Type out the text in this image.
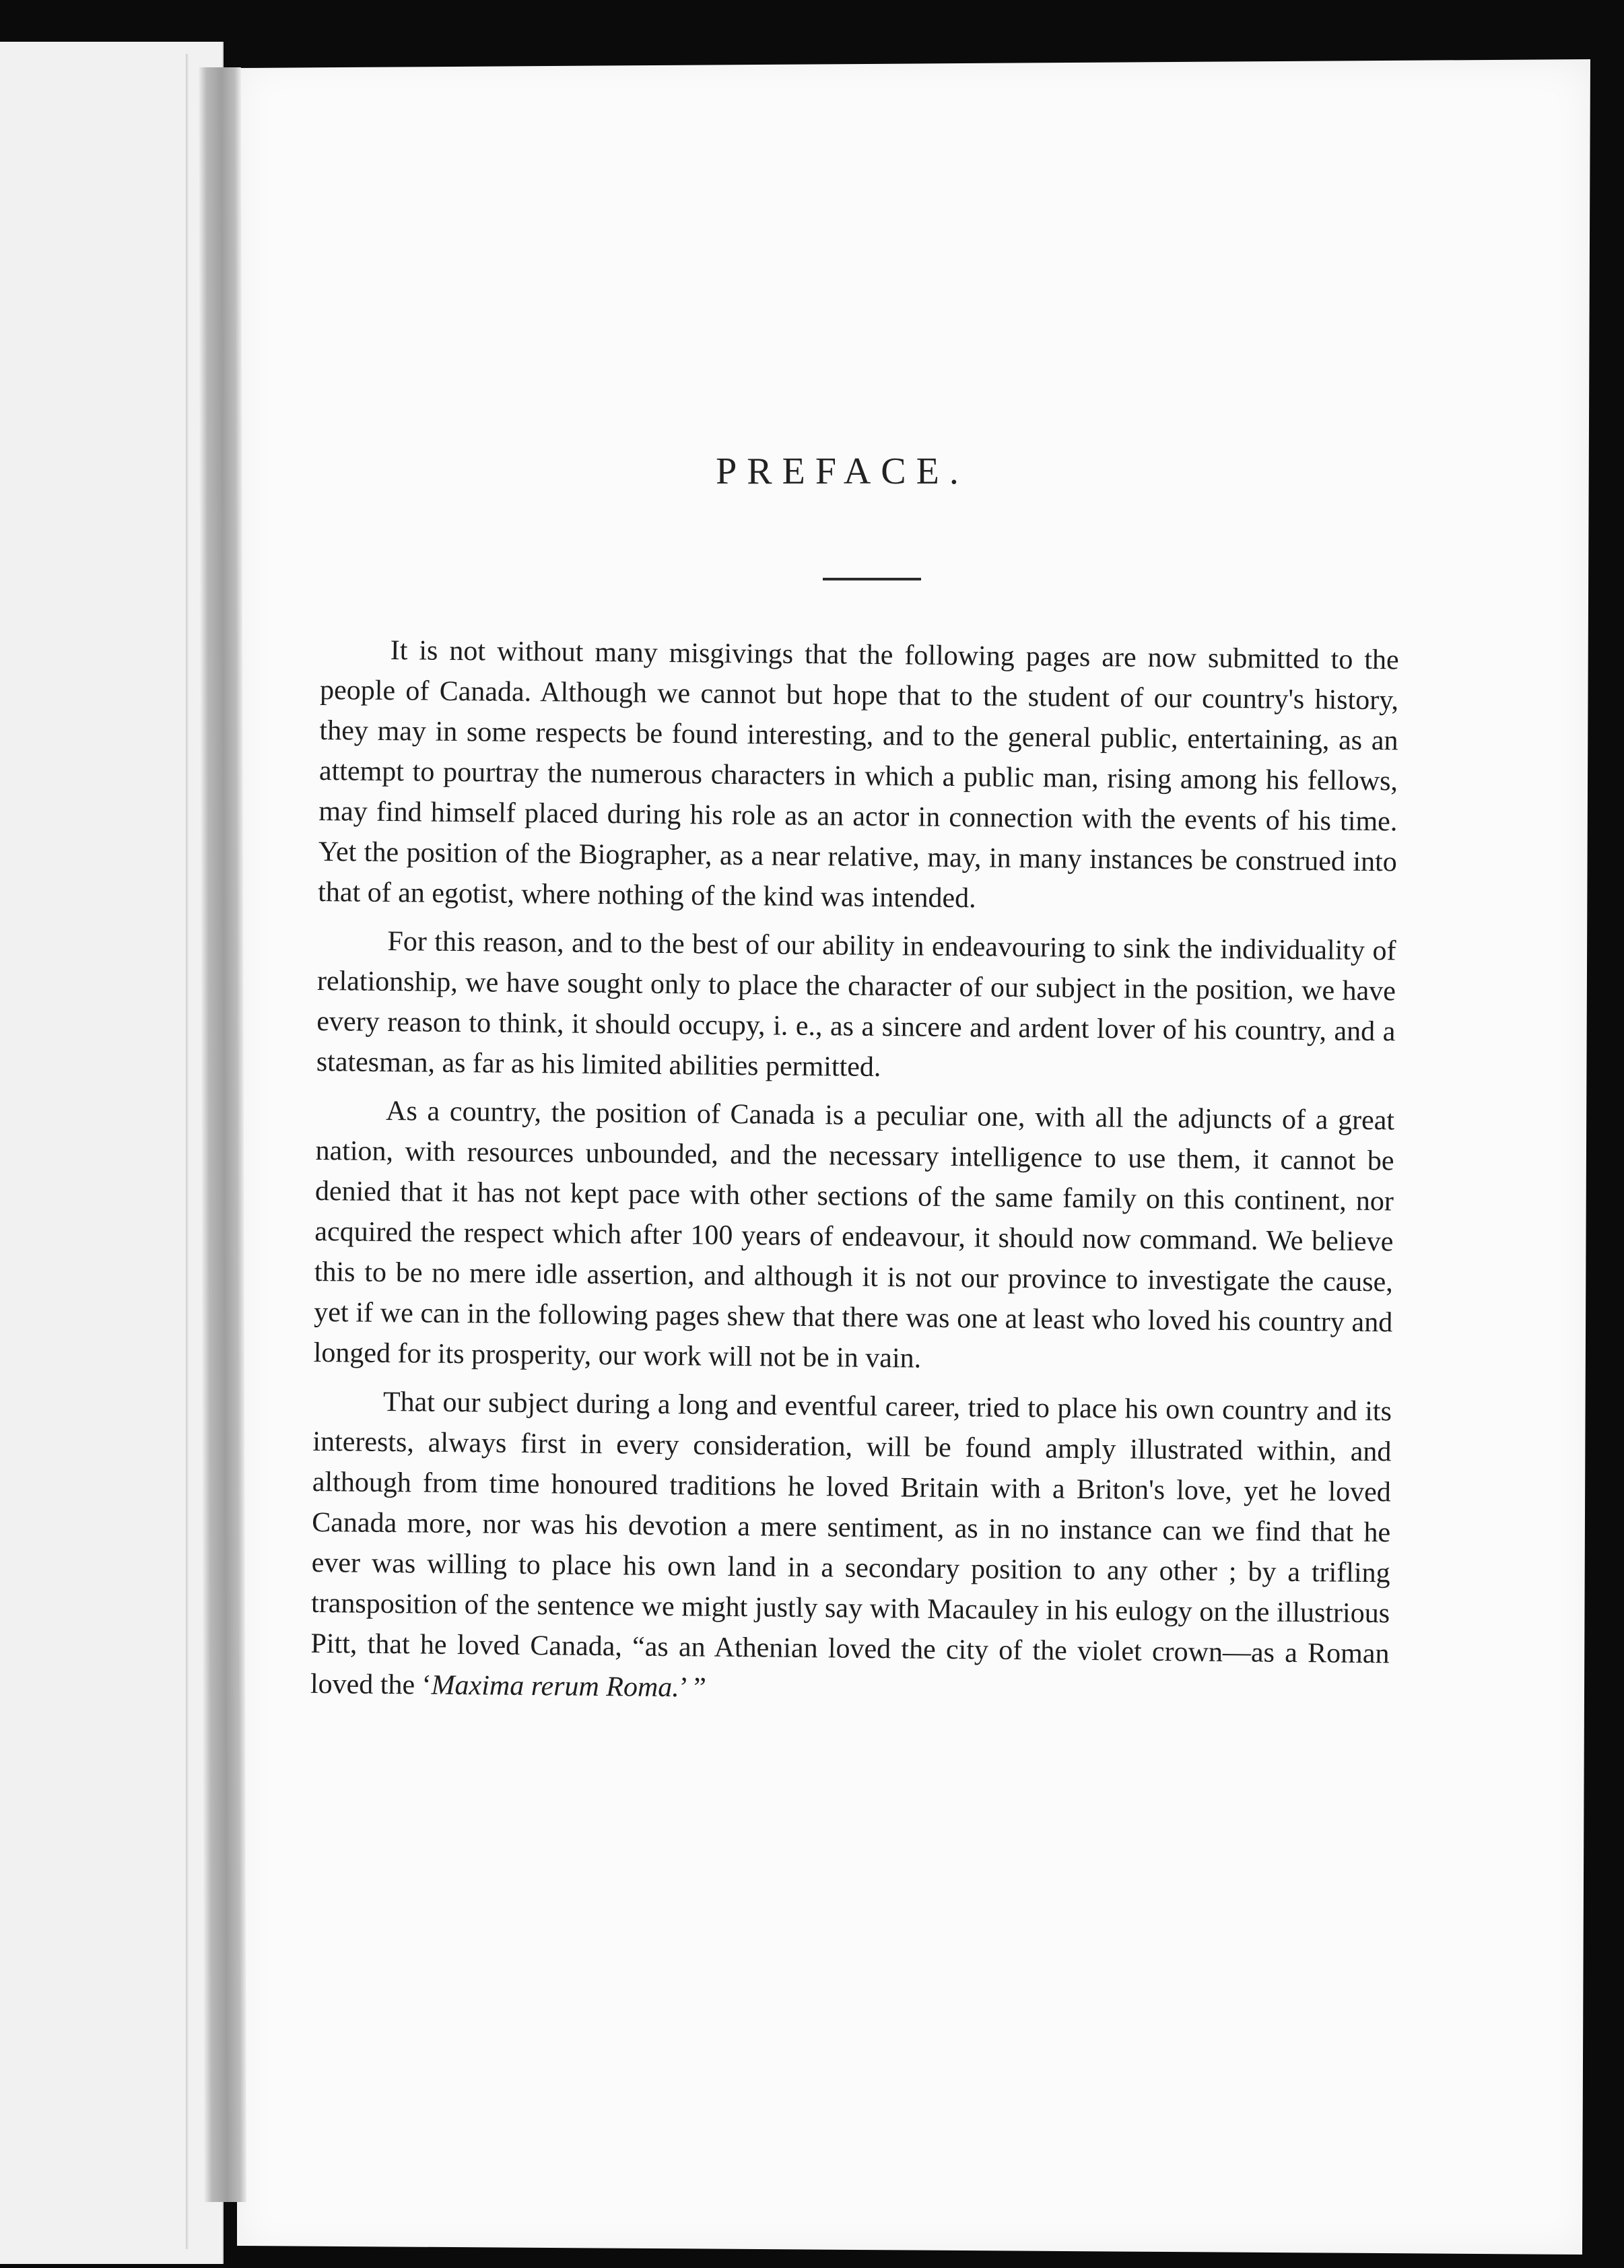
PREFACE.

It is not without many misgivings that the following pages are now submitted to the people of Canada. Although we cannot but hope that to the student of our country's history, they may in some respects be found interesting, and to the general public, entertaining, as an attempt to pourtray the numerous characters in which a public man, rising among his fellows, may find himself placed during his role as an actor in connection with the events of his time. Yet the position of the Biographer, as a near relative, may, in many instances be construed into that of an egotist, where nothing of the kind was intended.

For this reason, and to the best of our ability in endeavouring to sink the individuality of relationship, we have sought only to place the character of our subject in the position, we have every reason to think, it should occupy, i. e., as a sincere and ardent lover of his country, and a statesman, as far as his limited abilities permitted.

As a country, the position of Canada is a peculiar one, with all the adjuncts of a great nation, with resources unbounded, and the necessary intelligence to use them, it cannot be denied that it has not kept pace with other sections of the same family on this continent, nor acquired the respect which after 100 years of endeavour, it should now command. We believe this to be no mere idle assertion, and although it is not our province to investigate the cause, yet if we can in the following pages shew that there was one at least who loved his country and longed for its prosperity, our work will not be in vain.

That our subject during a long and eventful career, tried to place his own country and its interests, always first in every consideration, will be found amply illustrated within, and although from time honoured traditions he loved Britain with a Briton's love, yet he loved Canada more, nor was his devotion a mere sentiment, as in no instance can we find that he ever was willing to place his own land in a secondary position to any other ; by a trifling transposition of the sentence we might justly say with Macauley in his eulogy on the illustrious Pitt, that he loved Canada, “as an Athenian loved the city of the violet crown—as a Roman loved the ‘Maxima rerum Roma.’ ”
